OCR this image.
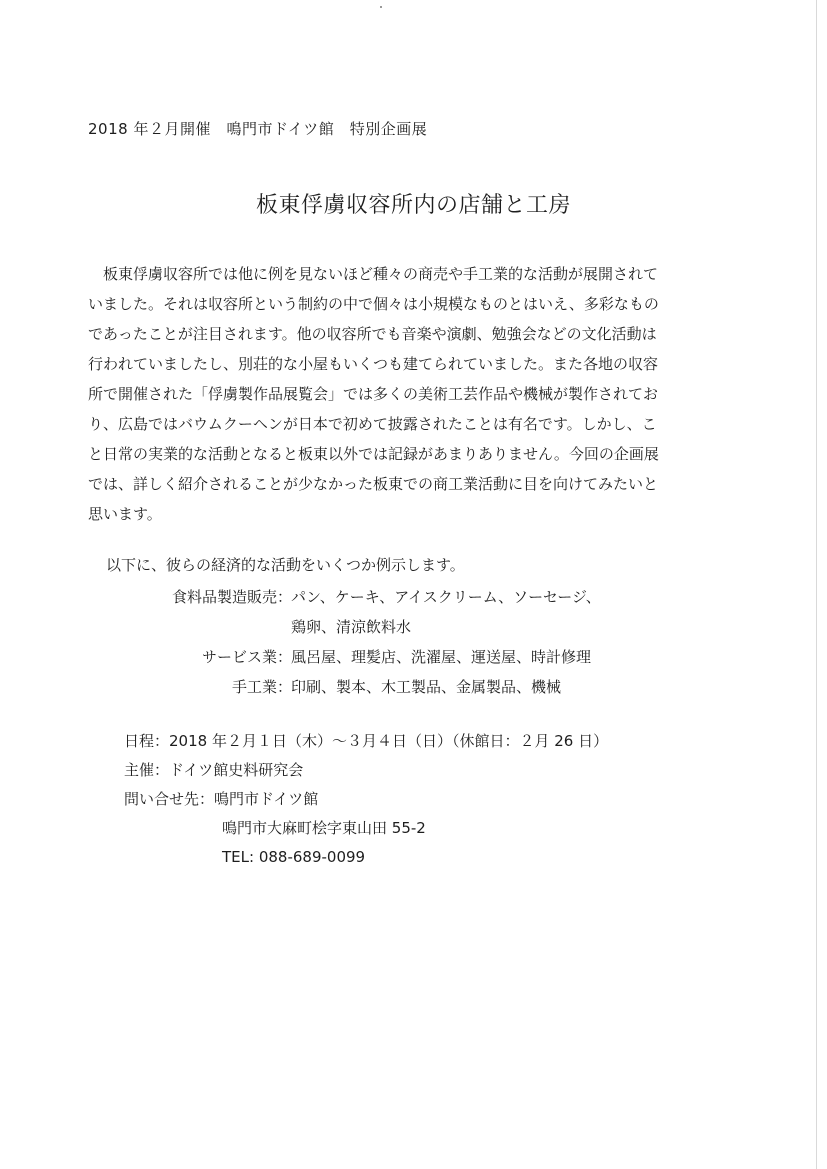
2018 年２月開催　鳴門市ドイツ館　特別企画展
板東俘虜収容所内の店舗と工房
　板東俘虜収容所では他に例を見ないほど種々の商売や手工業的な活動が展開されて
いました。それは収容所という制約の中で個々は小規模なものとはいえ、多彩なもの
であったことが注目されます。他の収容所でも音楽や演劇、勉強会などの文化活動は
行われていましたし、別荘的な小屋もいくつも建てられていました。また各地の収容
所で開催された「俘虜製作品展覧会」では多くの美術工芸作品や機械が製作されてお
り、広島ではバウムクーヘンが日本で初めて披露されたことは有名です。しかし、こ
と日常の実業的な活動となると板東以外では記録があまりありません。今回の企画展
では、詳しく紹介されることが少なかった板東での商工業活動に目を向けてみたいと
思います。
以下に、彼らの経済的な活動をいくつか例示します。
食料品製造販売 ：
パン、ケーキ、アイスクリーム、ソーセージ、
鶏卵、清涼飲料水
サービス業 ：
風呂屋、理髪店、洗濯屋、運送屋、時計修理
手工業 ：
印刷、製本、木工製品、金属製品、機械
日程：2018 年２月１日（木）～３月４日（日）（休館日：２月 26 日）
主催：ドイツ館史料研究会
問い合せ先：鳴門市ドイツ館
鳴門市大麻町桧字東山田 55-2
TEL: 088-689-0099
